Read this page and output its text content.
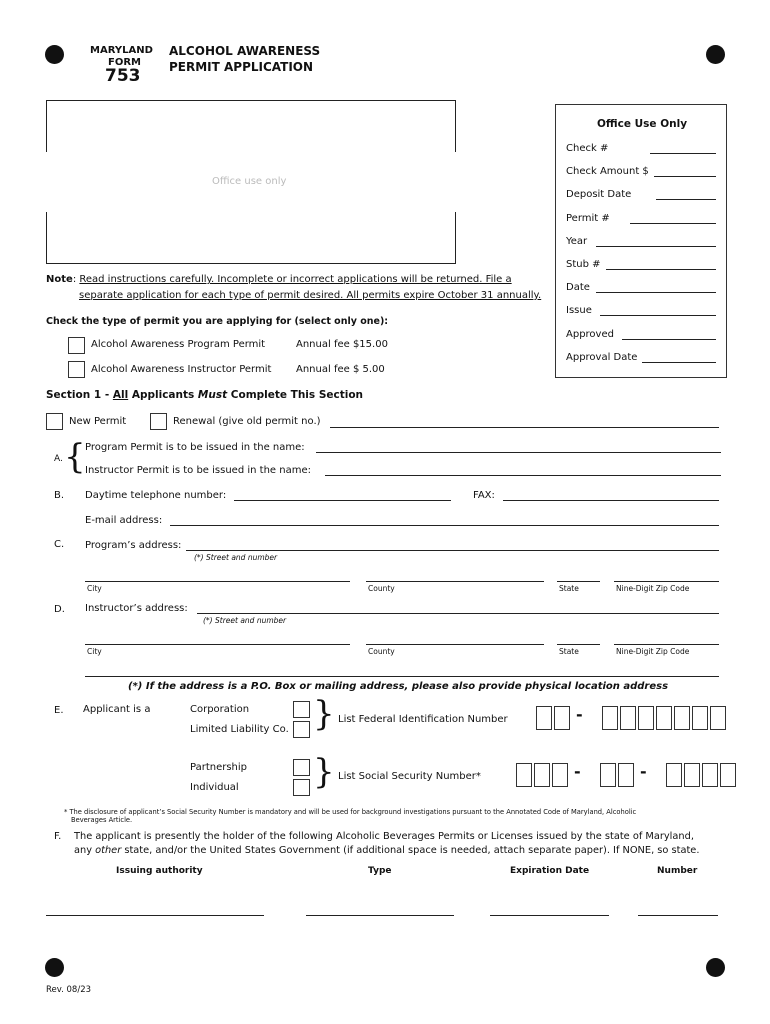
MARYLAND
FORM
753
ALCOHOL AWARENESS
PERMIT APPLICATION
Office use only
Office Use Only
Check #
Check Amount $
Deposit Date
Permit #
Year
Stub #
Date
Issue
Approved
Approval Date
Note: Read instructions carefully. Incomplete or incorrect applications will be returned. File a
separate application for each type of permit desired. All permits expire October 31 annually.
Check the type of permit you are applying for (select only one):
Alcohol Awareness Program Permit	Annual fee $15.00
Alcohol Awareness Instructor Permit Annual fee $ 5.00
Section 1 - All Applicants Must Complete This Section
New Permit	Renewal (give old permit no.)
A. { Program Permit is to be issued in the name:
Instructor Permit is to be issued in the name:
B. Daytime telephone number:	FAX:
E-mail address:
C. Program’s address:
(*) Street and number
City	County	State	Nine-Digit Zip Code
D. Instructor’s address:
(*) Street and number
City	County	State	Nine-Digit Zip Code
(*) If the address is a P.O. Box or mailing address, please also provide physical location address
E. Applicant is a	Corporation
Limited Liability Co. } List Federal Identification Number	-
Partnership
Individual } List Social Security Number*	-	-
* The disclosure of applicant’s Social Security Number is mandatory and will be used for background investigations pursuant to the Annotated Code of Maryland, Alcoholic
Beverages Article.
F. The applicant is presently the holder of the following Alcoholic Beverages Permits or Licenses issued by the state of Maryland,
any other state, and/or the United States Government (if additional space is needed, attach separate paper). If NONE, so state.
Issuing authority	Type	Expiration Date	Number
Rev. 08/23
